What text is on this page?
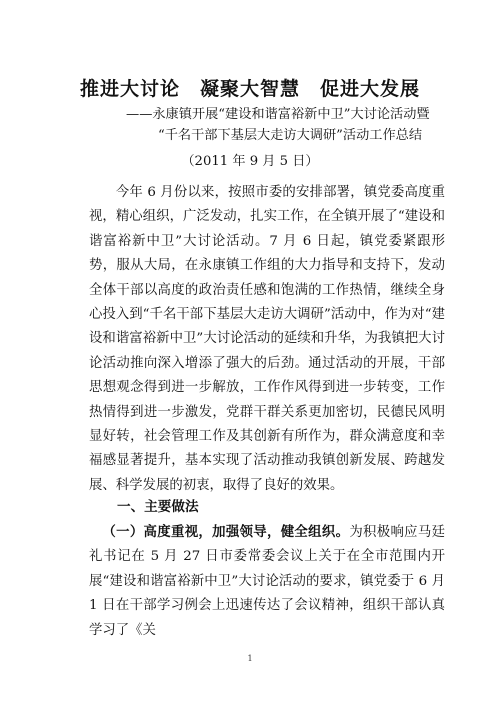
推进大讨论　凝聚大智慧　促进大发展
——永康镇开展“建设和谐富裕新中卫”大讨论活动暨
“千名干部下基层大走访大调研”活动工作总结
（2011 年 9 月 5 日）

今年 6 月份以来，按照市委的安排部署，镇党委高度重视，精心组织，广泛发动，扎实工作，在全镇开展了“建设和谐富裕新中卫”大讨论活动。7 月 6 日起，镇党委紧跟形势，服从大局，在永康镇工作组的大力指导和支持下，发动全体干部以高度的政治责任感和饱满的工作热情，继续全身心投入到“千名干部下基层大走访大调研”活动中，作为对“建设和谐富裕新中卫”大讨论活动的延续和升华，为我镇把大讨论活动推向深入增添了强大的后劲。通过活动的开展，干部思想观念得到进一步解放，工作作风得到进一步转变，工作热情得到进一步激发，党群干群关系更加密切，民德民风明显好转，社会管理工作及其创新有所作为，群众满意度和幸福感显著提升，基本实现了活动推动我镇创新发展、跨越发展、科学发展的初衷，取得了良好的效果。

一、主要做法

（一）高度重视，加强领导，健全组织。为积极响应马廷礼书记在 5 月 27 日市委常委会议上关于在全市范围内开展“建设和谐富裕新中卫”大讨论活动的要求，镇党委于 6 月 1 日在干部学习例会上迅速传达了会议精神，组织干部认真学习了《关

1
